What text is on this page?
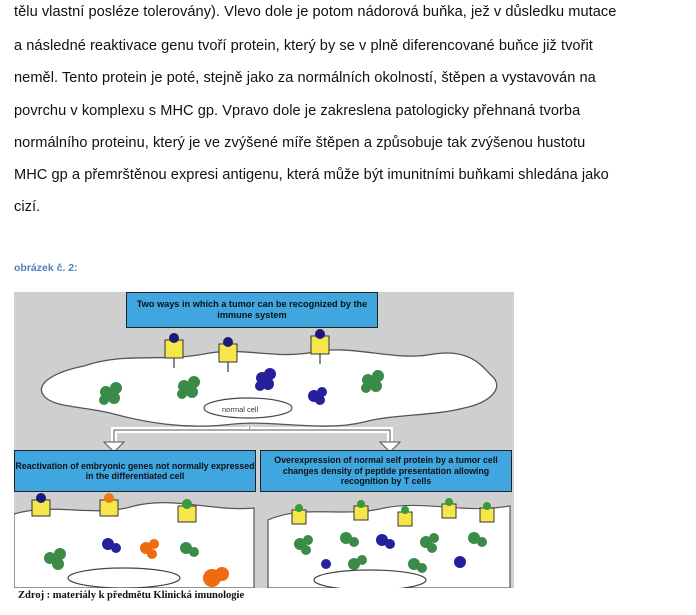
tělu vlastní posléze tolerovány). Vlevo dole je potom nádorová buňka, jež v důsledku mutace
a následné reaktivace genu tvoří protein, který by se v plně diferencované buňce již tvořit
neměl. Tento protein je poté, stejně jako za normálních okolností, štěpen a vystavován na
povrchu v komplexu s MHC gp. Vpravo dole je zakreslena patologicky přehnaná tvorba
normálního proteinu, který je ve zvýšené míře štěpen a způsobuje tak zvýšenou hustotu
MHC gp a přemrštěnou expresi antigenu, která může být imunitními buňkami shledána jako
cizí.
obrázek č. 2:
Two ways in which a tumor can be recognized by the immune system
normal cell
Reactivation of embryonic genes not normally expressed in the differentiated cell
Overexpression of normal self protein by a tumor cell changes density of peptide presentation allowing recognition by T cells
Zdroj : materiály k předmětu Klinická imunologie
